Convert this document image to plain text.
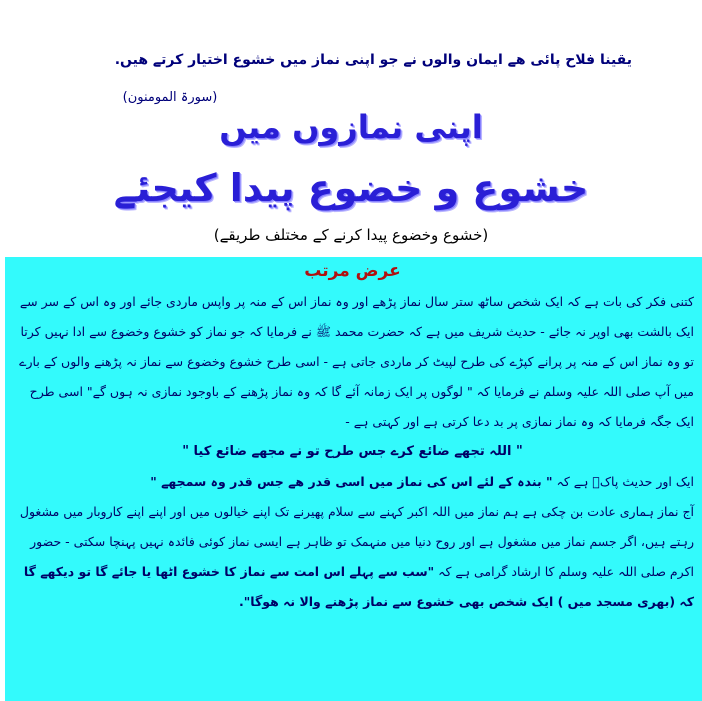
یقینا فلاح پائی هے ایمان والوں نے جو اپنی نماز میں خشوع اختیار کرتے هیں.
(سورۃ المومنون)
اپنی نمازوں میں
خشوع و خضوع پیدا کیجئے
(خشوع وخضوع پیدا کرنے کے مختلف طریقے)
عرض مرتب

کتنی فکر کی بات ہے کہ ایک شخص ساٹھ ستر سال نماز پڑھے اور وہ نماز اس کے منہ پر واپس ماردی جائے اور وہ اس کے سر سے ایک بالشت بھی اوپر نہ جائے - حدیث شریف میں ہے کہ حضرت محمد ﷺ نے فرمایا کہ جو نماز کو خشوع وخضوع سے ادا نہیں کرتا تو وہ نماز اس کے منہ پر پرانے کپڑے کی طرح لپیٹ کر ماردی جاتی ہے - اسی طرح خشوع وخضوع سے نماز نہ پڑھنے والوں کے بارے میں آپ صلی اللہ علیہ وسلم نے فرمایا کہ " لوگوں پر ایک زمانہ آئے گا کہ وہ نماز پڑھنے کے باوجود نمازی نہ ہوں گے" اسی طرح ایک جگہ فرمایا کہ وہ نماز نمازی پر بد دعا کرتی ہے اور کہتی ہے -

" اللہ تجھے ضائع کرے جس طرح تو نے مجھے ضائع کیا "

ایک اور حدیث پاکؐ ہے کہ " بندہ کے لئے اس کی نماز میں اسی قدر هے جس قدر وہ سمجھے "

آج نماز ہماری عادت بن چکی ہے ہم نماز میں اللہ اکبر کہنے سے سلام پھیرنے تک اپنے خیالوں میں اور اپنے اپنے کاروبار میں مشغول رہتے ہیں، اگر جسم نماز میں مشغول ہے اور روح دنیا میں منہمک تو ظاہر ہے ایسی نماز کوئی فائدہ نہیں پہنچا سکتی - حضور اکرم صلی اللہ علیہ وسلم کا ارشاد گرامی ہے کہ "سب سے پہلے اس امت سے نماز کا خشوع اٹھا یا جائے گا تو دیکھے گا کہ (بھری مسجد میں ) ایک شخص بھی خشوع سے نماز پڑھنے والا نہ هوگا".
